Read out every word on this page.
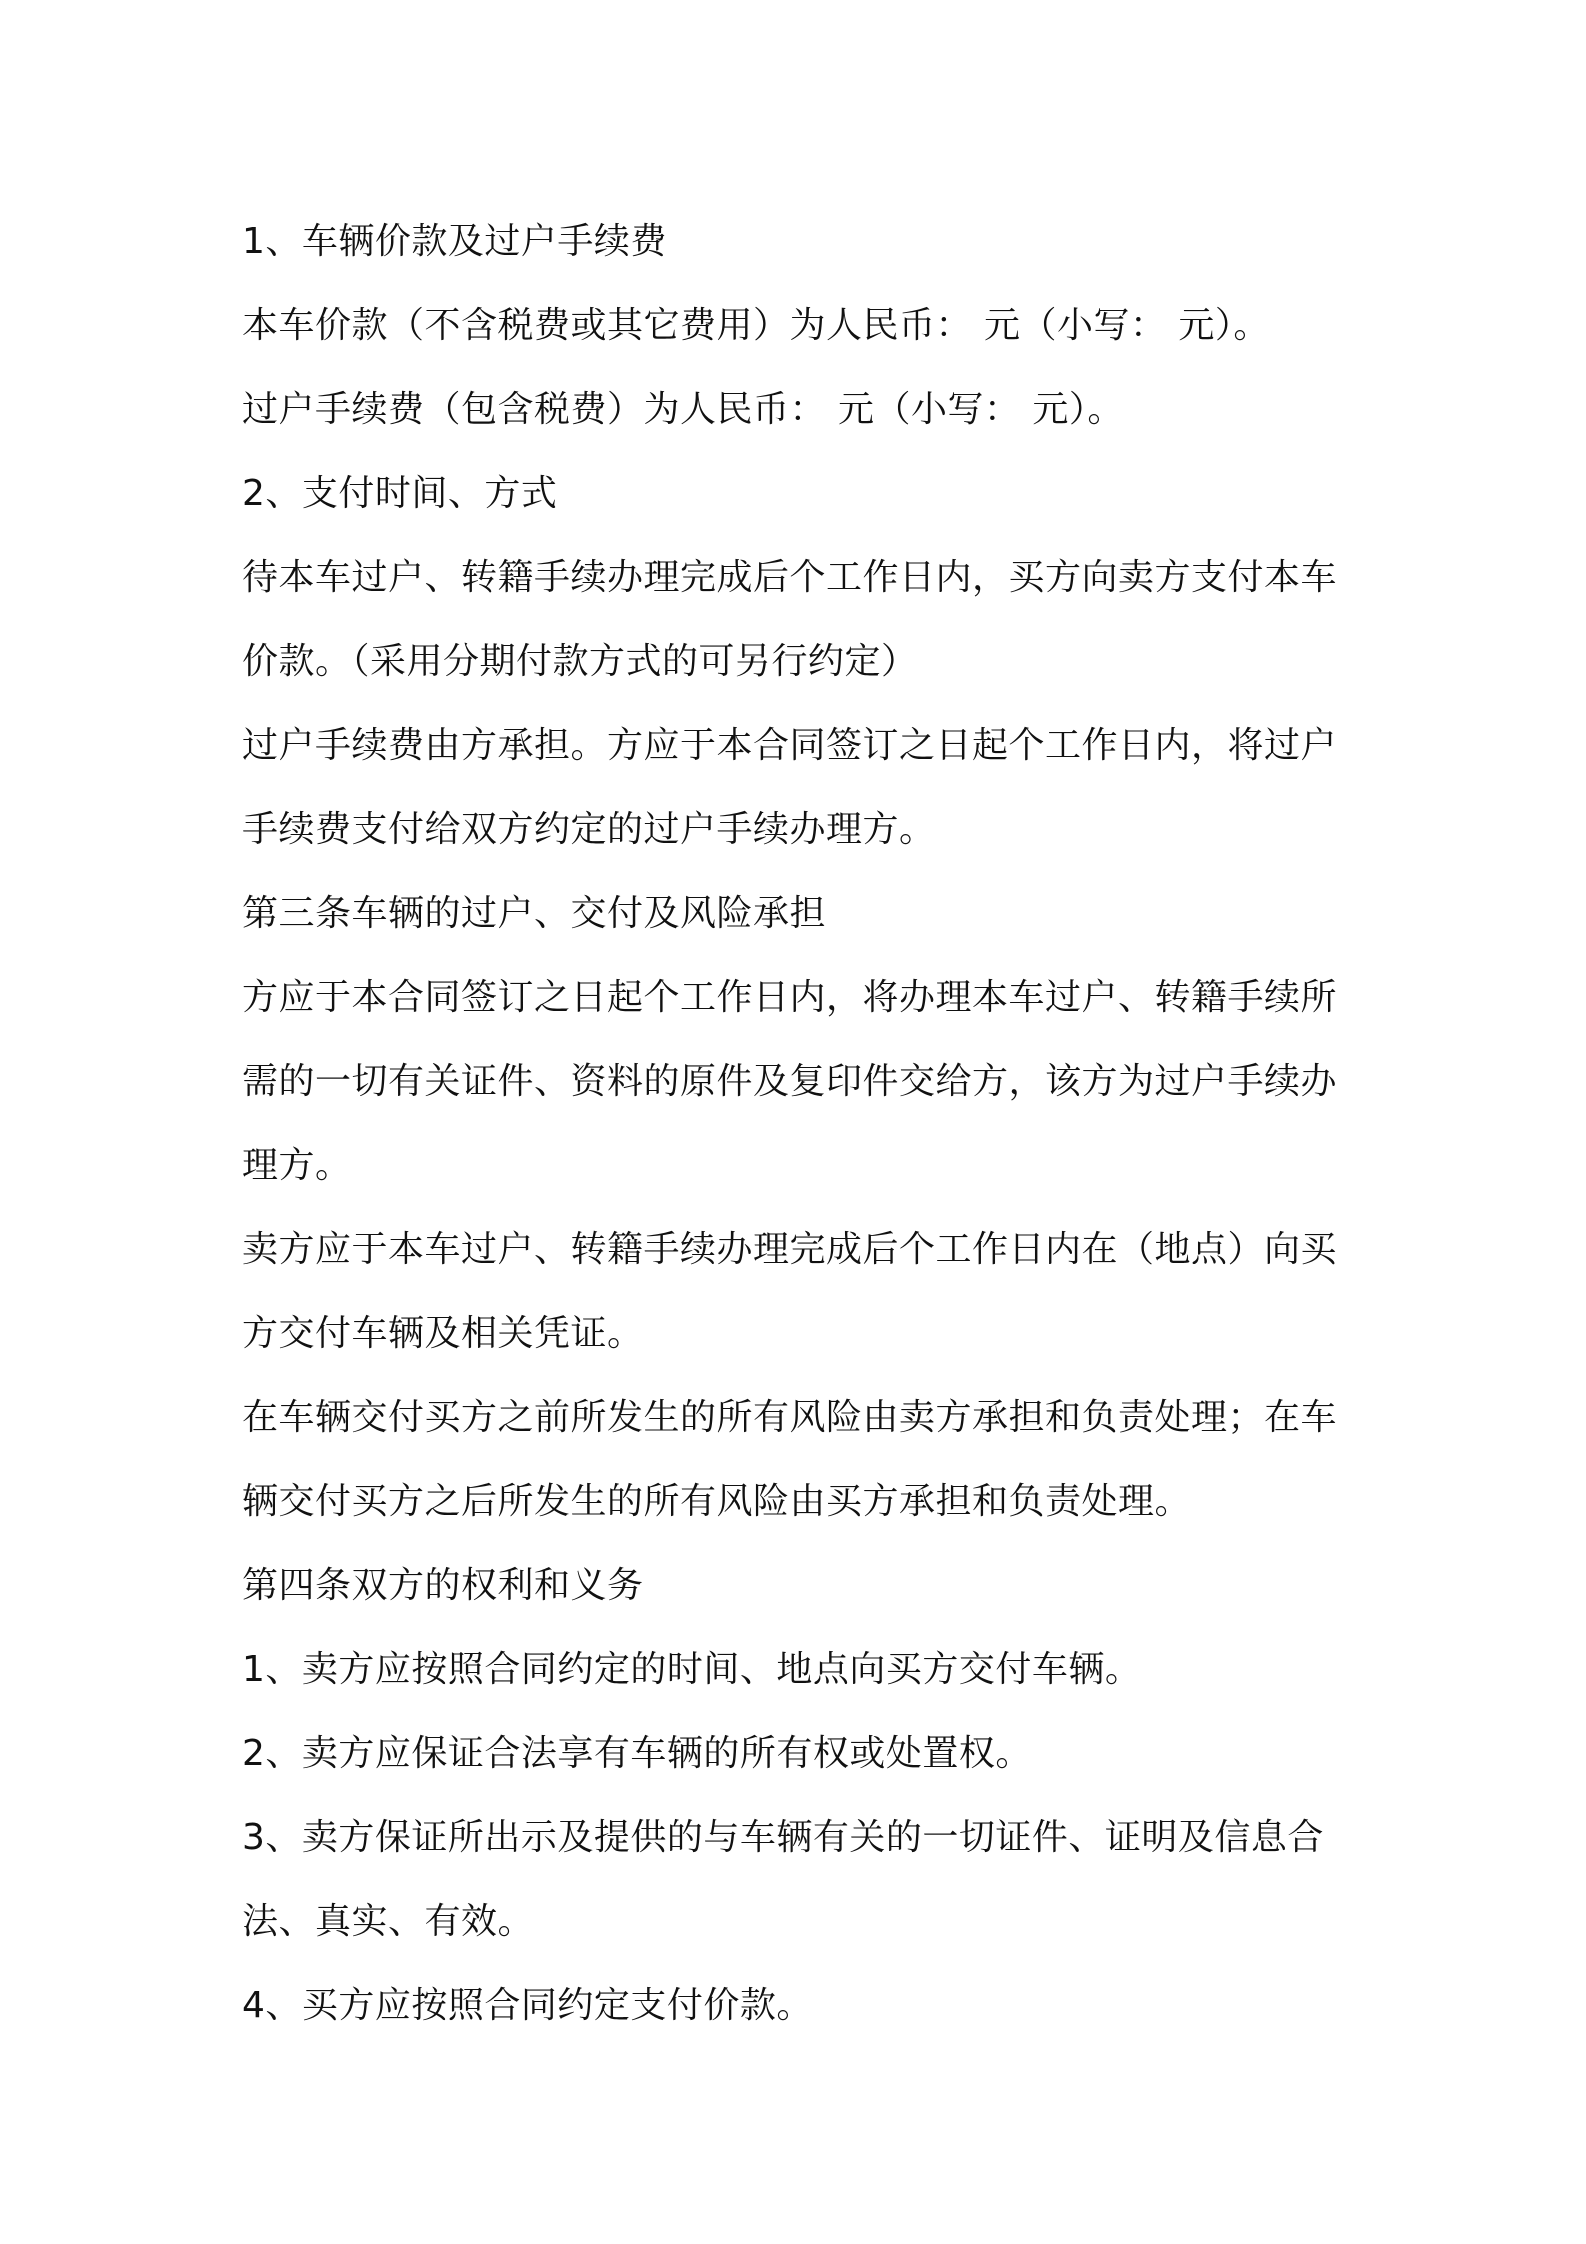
1、车辆价款及过户手续费
本车价款（不含税费或其它费用）为人民币： 元（小写： 元）。
过户手续费（包含税费）为人民币： 元（小写： 元）。
2、支付时间、方式
待本车过户、转籍手续办理完成后个工作日内，买方向卖方支付本车
价款。（采用分期付款方式的可另行约定）
过户手续费由方承担。方应于本合同签订之日起个工作日内，将过户
手续费支付给双方约定的过户手续办理方。
第三条车辆的过户、交付及风险承担
方应于本合同签订之日起个工作日内，将办理本车过户、转籍手续所
需的一切有关证件、资料的原件及复印件交给方，该方为过户手续办
理方。
卖方应于本车过户、转籍手续办理完成后个工作日内在（地点）向买
方交付车辆及相关凭证。
在车辆交付买方之前所发生的所有风险由卖方承担和负责处理；在车
辆交付买方之后所发生的所有风险由买方承担和负责处理。
第四条双方的权利和义务
1、卖方应按照合同约定的时间、地点向买方交付车辆。
2、卖方应保证合法享有车辆的所有权或处置权。
3、卖方保证所出示及提供的与车辆有关的一切证件、证明及信息合
法、真实、有效。
4、买方应按照合同约定支付价款。
